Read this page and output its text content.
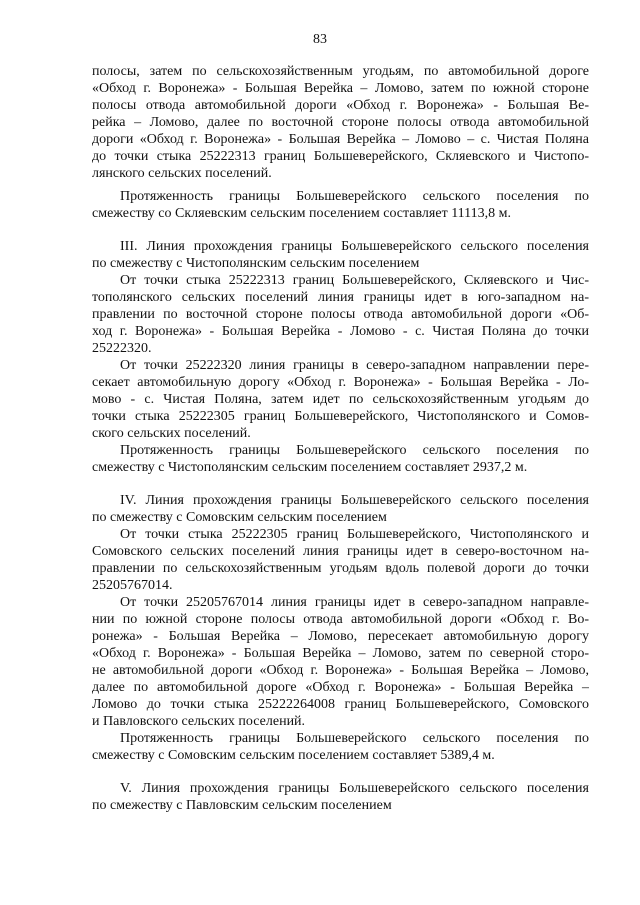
83
полосы, затем по сельскохозяйственным угодьям, по автомобильной дороге
«Обход г. Воронежа» - Большая Верейка – Ломово, затем по южной стороне
полосы отвода автомобильной дороги «Обход г. Воронежа» - Большая Ве-
рейка – Ломово, далее по восточной стороне полосы отвода автомобильной
дороги «Обход г. Воронежа» - Большая Верейка – Ломово – с. Чистая Поляна
до точки стыка 25222313 границ Большеверейского, Скляевского и Чистопо-
лянского сельских поселений.
Протяженность границы Большеверейского сельского поселения по
смежеству со Скляевским сельским поселением составляет 11113,8 м.
III. Линия прохождения границы Большеверейского сельского поселения
по смежеству с Чистополянским сельским поселением
От точки стыка 25222313 границ Большеверейского, Скляевского и Чис-
тополянского сельских поселений линия границы идет в юго-западном на-
правлении по восточной стороне полосы отвода автомобильной дороги «Об-
ход г. Воронежа» - Большая Верейка - Ломово - с. Чистая Поляна до точки
25222320.
От точки 25222320 линия границы в северо-западном направлении пере-
секает автомобильную дорогу «Обход г. Воронежа» - Большая Верейка - Ло-
мово - с. Чистая Поляна, затем идет по сельскохозяйственным угодьям до
точки стыка 25222305 границ Большеверейского, Чистополянского и Сомов-
ского сельских поселений.
Протяженность границы Большеверейского сельского поселения по
смежеству с Чистополянским сельским поселением составляет 2937,2 м.
IV. Линия прохождения границы Большеверейского сельского поселения
по смежеству с Сомовским сельским поселением
От точки стыка 25222305 границ Большеверейского, Чистополянского и
Сомовского сельских поселений линия границы идет в северо-восточном на-
правлении по сельскохозяйственным угодьям вдоль полевой дороги до точки
25205767014.
От точки 25205767014 линия границы идет в северо-западном направле-
нии по южной стороне полосы отвода автомобильной дороги «Обход г. Во-
ронежа» - Большая Верейка – Ломово, пересекает автомобильную дорогу
«Обход г. Воронежа» - Большая Верейка – Ломово, затем по северной сторо-
не автомобильной дороги «Обход г. Воронежа» - Большая Верейка – Ломово,
далее по автомобильной дороге «Обход г. Воронежа» - Большая Верейка –
Ломово до точки стыка 25222264008 границ Большеверейского, Сомовского
и Павловского сельских поселений.
Протяженность границы Большеверейского сельского поселения по
смежеству с Сомовским сельским поселением составляет 5389,4 м.
V. Линия прохождения границы Большеверейского сельского поселения
по смежеству с Павловским сельским поселением
